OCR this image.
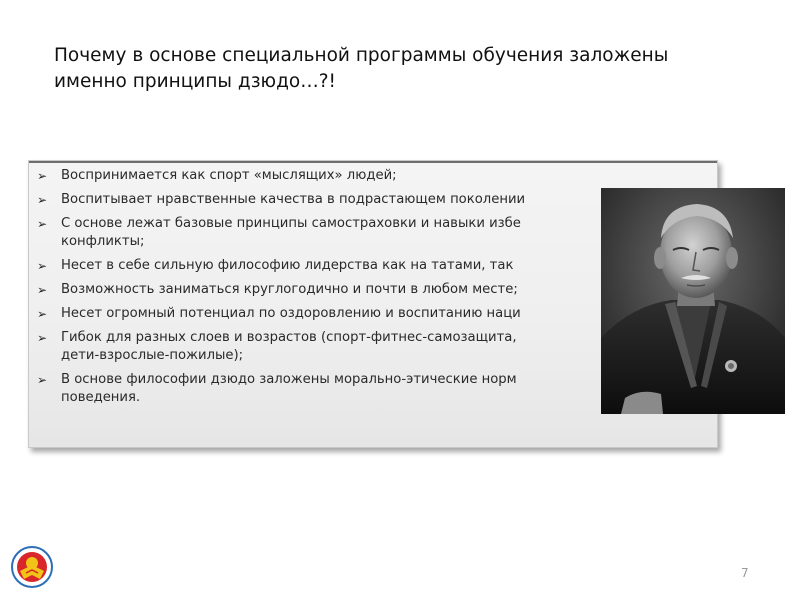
Почему в основе специальной программы обучения заложены
именно принципы дзюдо…?!
➢	Воспринимается как спорт «мыслящих» людей;
➢	Воспитывает нравственные качества в подрастающем поколении
➢	С основе лежат базовые принципы самостраховки и навыки избе
конфликты;
➢	Несет в себе сильную философию лидерства как на татами, так
➢	Возможность заниматься круглогодично и почти в любом месте;
➢	Несет огромный потенциал по оздоровлению и воспитанию наци
➢	Гибок для разных слоев и возрастов (спорт-фитнес-самозащита,
дети-взрослые-пожилые);
➢	В основе философии дзюдо заложены морально-этические норм
поведения.
7
